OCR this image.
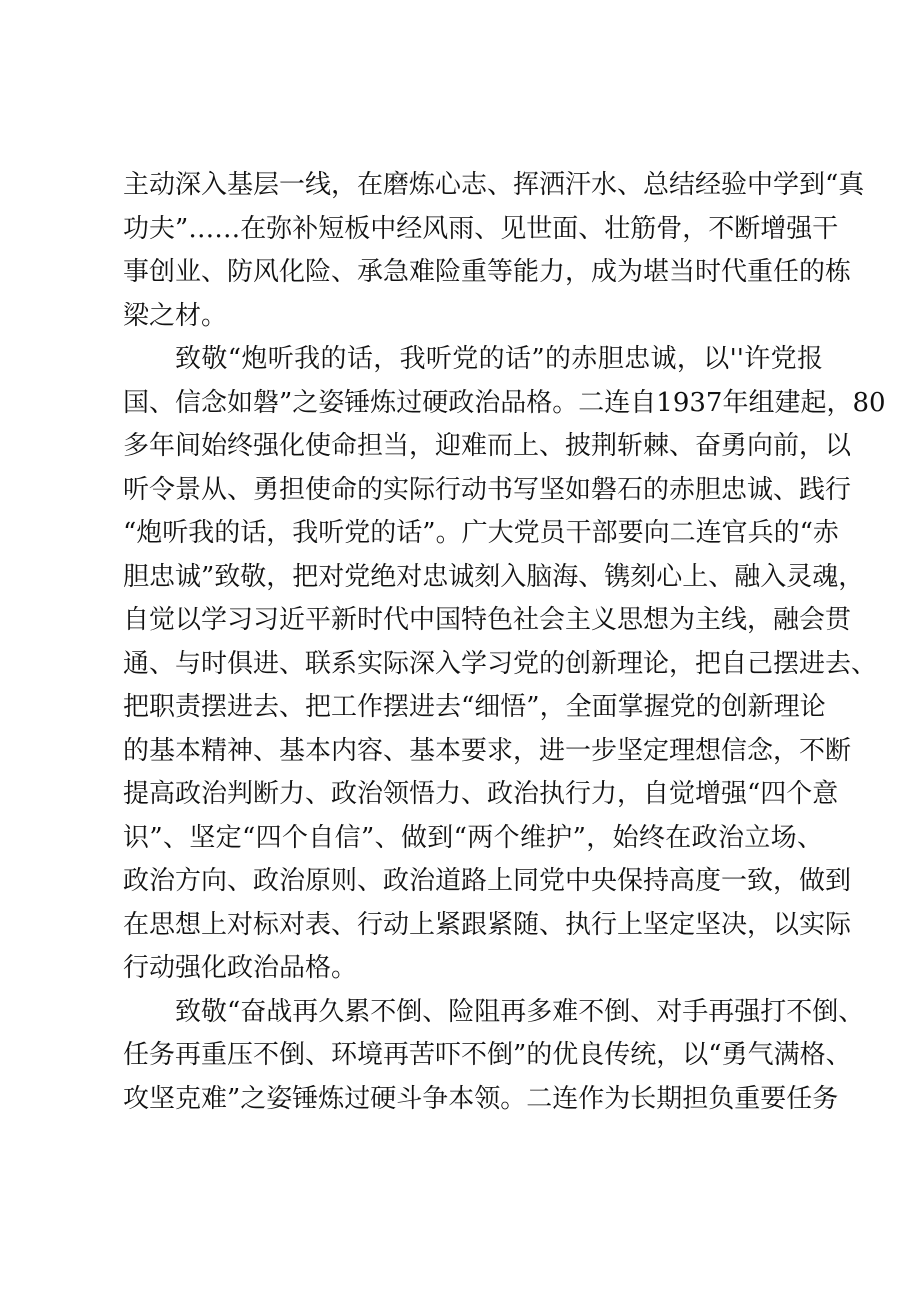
主动深入基层一线，在磨炼心志、挥洒汗水、总结经验中学到“真
功夫”……在弥补短板中经风雨、见世面、壮筋骨，不断增强干
事创业、防风化险、承急难险重等能力，成为堪当时代重任的栋
梁之材。
致敬“炮听我的话，我听党的话”的赤胆忠诚，以''许党报
国、信念如磐”之姿锤炼过硬政治品格。二连自1937年组建起，80
多年间始终强化使命担当，迎难而上、披荆斩棘、奋勇向前，以
听令景从、勇担使命的实际行动书写坚如磐石的赤胆忠诚、践行
“炮听我的话，我听党的话”。广大党员干部要向二连官兵的“赤
胆忠诚”致敬，把对党绝对忠诚刻入脑海、镌刻心上、融入灵魂，
自觉以学习习近平新时代中国特色社会主义思想为主线，融会贯
通、与时俱进、联系实际深入学习党的创新理论，把自己摆进去、
把职责摆进去、把工作摆进去“细悟”，全面掌握党的创新理论
的基本精神、基本内容、基本要求，进一步坚定理想信念，不断
提高政治判断力、政治领悟力、政治执行力，自觉增强“四个意
识”、坚定“四个自信”、做到“两个维护”，始终在政治立场、
政治方向、政治原则、政治道路上同党中央保持高度一致，做到
在思想上对标对表、行动上紧跟紧随、执行上坚定坚决，以实际
行动强化政治品格。
致敬“奋战再久累不倒、险阻再多难不倒、对手再强打不倒、
任务再重压不倒、环境再苦吓不倒”的优良传统，以“勇气满格、
攻坚克难”之姿锤炼过硬斗争本领。二连作为长期担负重要任务
